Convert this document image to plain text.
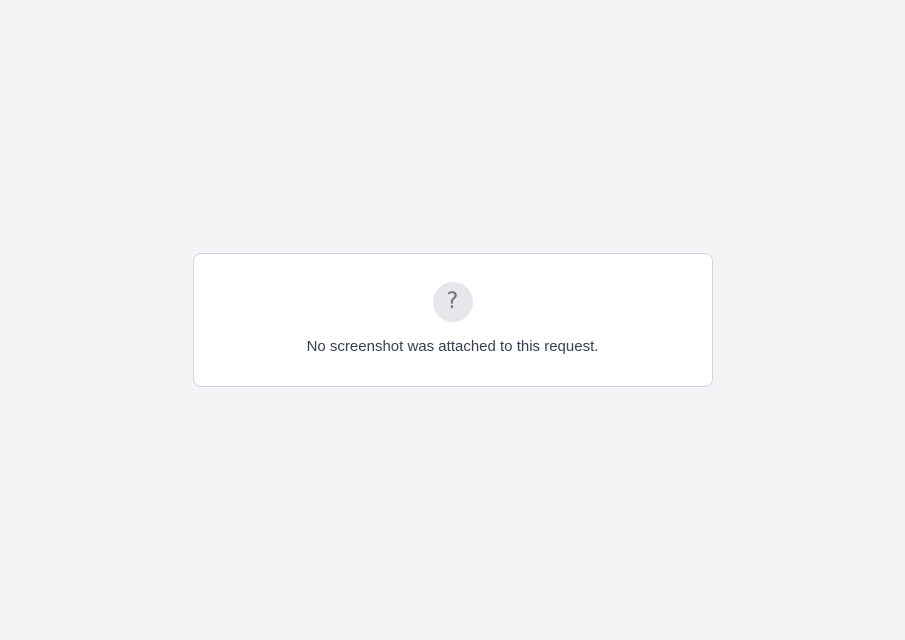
?
No screenshot was attached to this request.
